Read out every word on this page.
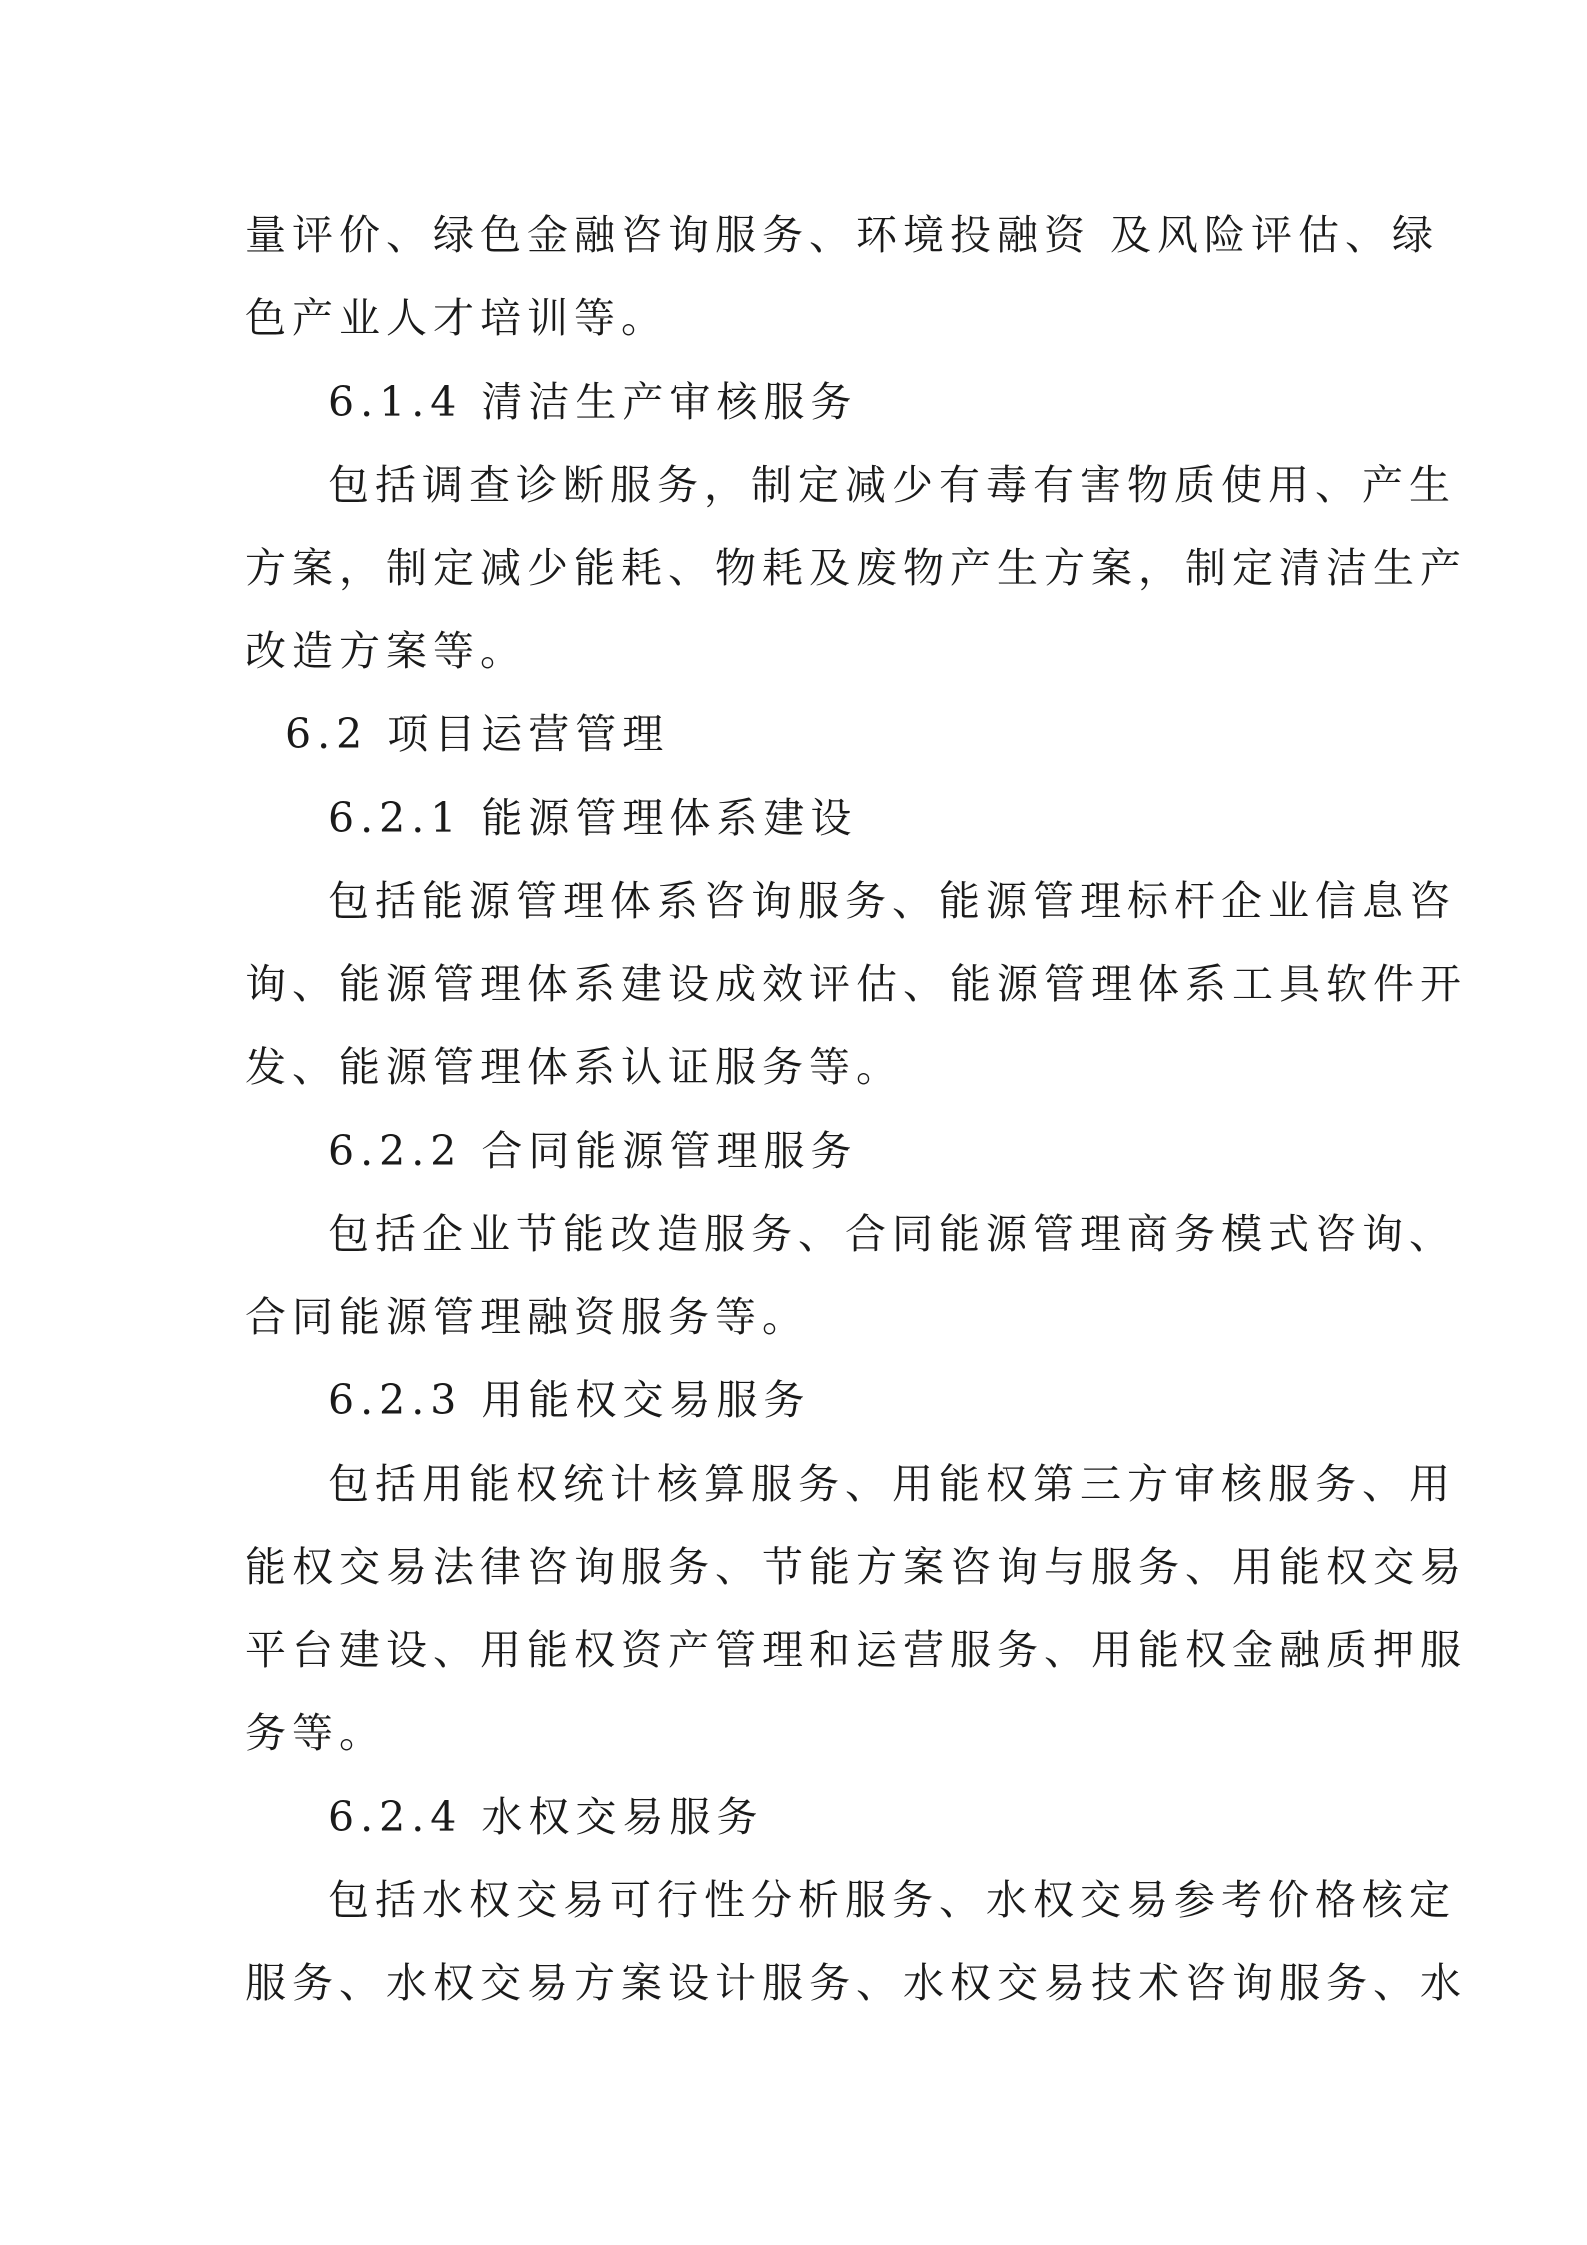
量评价、绿色金融咨询服务、环境投融资 及风险评估、绿
色产业人才培训等。
6.1.4 清洁生产审核服务
包括调查诊断服务，制定减少有毒有害物质使用、产生
方案，制定减少能耗、物耗及废物产生方案，制定清洁生产
改造方案等。
6.2 项目运营管理
6.2.1 能源管理体系建设
包括能源管理体系咨询服务、能源管理标杆企业信息咨
询、能源管理体系建设成效评估、能源管理体系工具软件开
发、能源管理体系认证服务等。
6.2.2 合同能源管理服务
包括企业节能改造服务、合同能源管理商务模式咨询、
合同能源管理融资服务等。
6.2.3 用能权交易服务
包括用能权统计核算服务、用能权第三方审核服务、用
能权交易法律咨询服务、节能方案咨询与服务、用能权交易
平台建设、用能权资产管理和运营服务、用能权金融质押服
务等。
6.2.4 水权交易服务
包括水权交易可行性分析服务、水权交易参考价格核定
服务、水权交易方案设计服务、水权交易技术咨询服务、水
